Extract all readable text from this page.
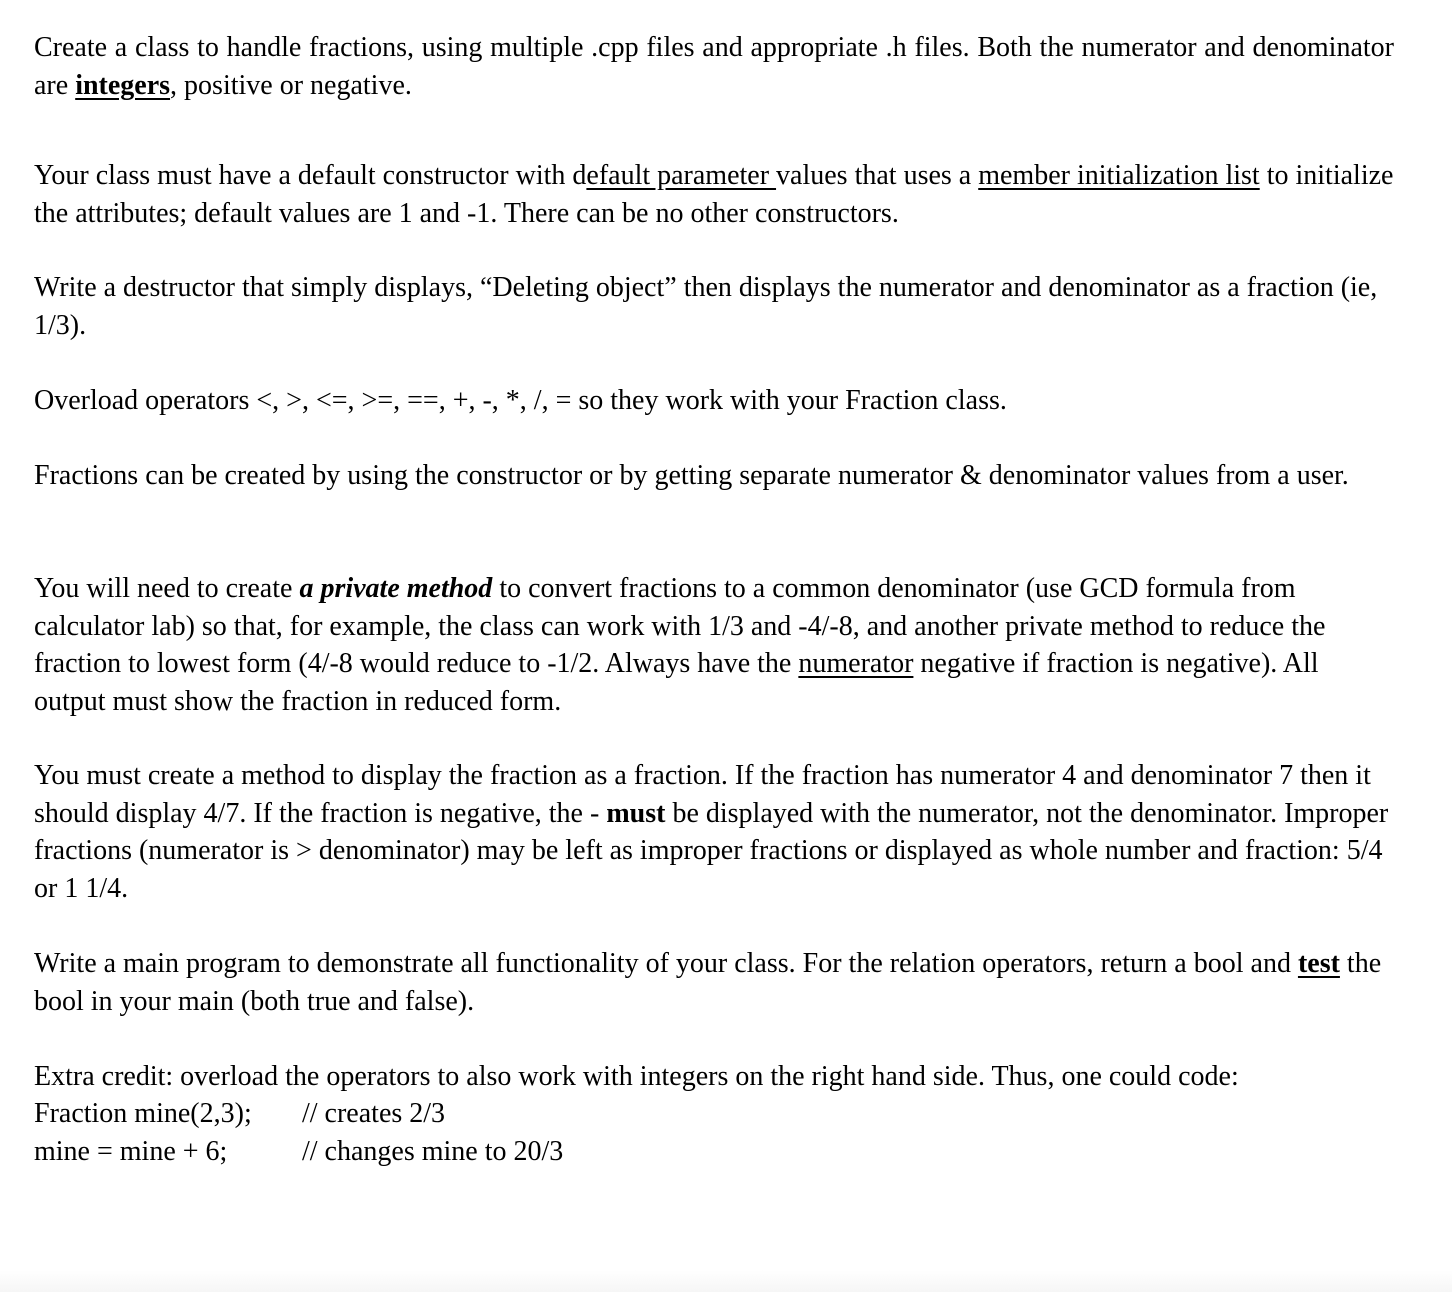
Create a class to handle fractions, using multiple .cpp files and appropriate .h files. Both the numerator and denominator are integers, positive or negative.

Your class must have a default constructor with default parameter values that uses a member initialization list to initialize the attributes; default values are 1 and -1. There can be no other constructors.

Write a destructor that simply displays, “Deleting object” then displays the numerator and denominator as a fraction (ie, 1/3).

Overload operators <, >, <=, >=, ==, +, -, *, /, = so they work with your Fraction class.

Fractions can be created by using the constructor or by getting separate numerator & denominator values from a user.

You will need to create a private method to convert fractions to a common denominator (use GCD formula from calculator lab) so that, for example, the class can work with 1/3 and -4/-8, and another private method to reduce the fraction to lowest form (4/-8 would reduce to -1/2. Always have the numerator negative if fraction is negative). All output must show the fraction in reduced form.

You must create a method to display the fraction as a fraction. If the fraction has numerator 4 and denominator 7 then it should display 4/7. If the fraction is negative, the - must be displayed with the numerator, not the denominator. Improper fractions (numerator is > denominator) may be left as improper fractions or displayed as whole number and fraction: 5/4 or 1 1/4.

Write a main program to demonstrate all functionality of your class. For the relation operators, return a bool and test the bool in your main (both true and false).

Extra credit: overload the operators to also work with integers on the right hand side. Thus, one could code:

Fraction mine(2,3); // creates 2/3
mine = mine + 6;	// changes mine to 20/3
